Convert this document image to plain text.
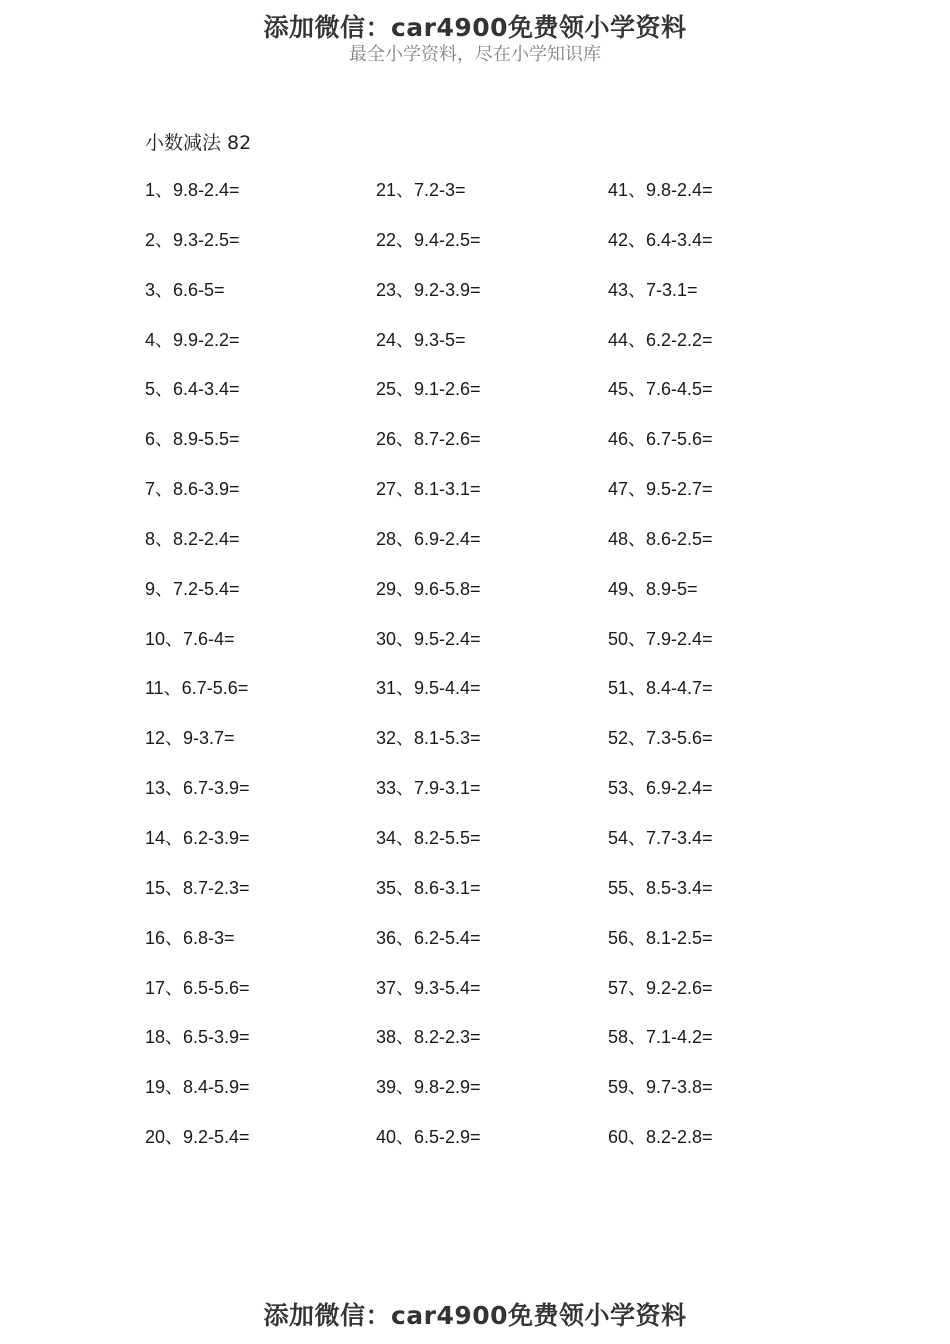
添加微信：car4900免费领小学资料
最全小学资料，尽在小学知识库
小数减法 82
1、9.8-2.4=
2、9.3-2.5=
3、6.6-5=
4、9.9-2.2=
5、6.4-3.4=
6、8.9-5.5=
7、8.6-3.9=
8、8.2-2.4=
9、7.2-5.4=
10、7.6-4=
11、6.7-5.6=
12、9-3.7=
13、6.7-3.9=
14、6.2-3.9=
15、8.7-2.3=
16、6.8-3=
17、6.5-5.6=
18、6.5-3.9=
19、8.4-5.9=
20、9.2-5.4=
21、7.2-3=
22、9.4-2.5=
23、9.2-3.9=
24、9.3-5=
25、9.1-2.6=
26、8.7-2.6=
27、8.1-3.1=
28、6.9-2.4=
29、9.6-5.8=
30、9.5-2.4=
31、9.5-4.4=
32、8.1-5.3=
33、7.9-3.1=
34、8.2-5.5=
35、8.6-3.1=
36、6.2-5.4=
37、9.3-5.4=
38、8.2-2.3=
39、9.8-2.9=
40、6.5-2.9=
41、9.8-2.4=
42、6.4-3.4=
43、7-3.1=
44、6.2-2.2=
45、7.6-4.5=
46、6.7-5.6=
47、9.5-2.7=
48、8.6-2.5=
49、8.9-5=
50、7.9-2.4=
51、8.4-4.7=
52、7.3-5.6=
53、6.9-2.4=
54、7.7-3.4=
55、8.5-3.4=
56、8.1-2.5=
57、9.2-2.6=
58、7.1-4.2=
59、9.7-3.8=
60、8.2-2.8=
添加微信：car4900免费领小学资料
